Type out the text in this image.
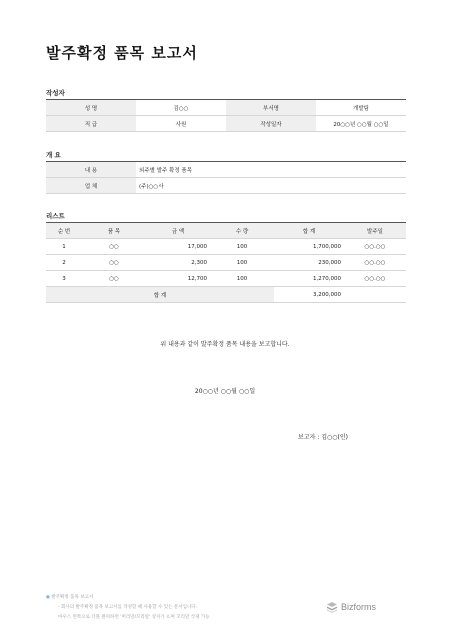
발주확정 품목 보고서
작성자
성 명	김○○	부서명	개발팀
직 급	사원	작성일자	20○○년 ○○월 ○○일
개 요
내 용	외주별 발주 확정 품목
업 체	(주)○○사
리스트
순 번	품 목	금 액	수 량	합 계	발주일
1	○○	17,000	100	1,700,000	○○.○○
2	○○	2,300	100	230,000	○○.○○
3	○○	12,700	100	1,270,000	○○.○○
합 계				3,200,000	
위 내용과 같이 발주확정 품목 내용을 보고합니다.
20○○년 ○○월 ○○일
보고자 : 김○○(인)
● 발주확정 품목 보고서
- 회사의 발주확정 품목 보고서를 작성할 때 사용할 수 있는 문서입니다.
마우스 왼쪽으로 더블 클릭하면 '머리말/꼬리말' 상자가 뜨며 꼬리말 삭제 가능
Bizforms
